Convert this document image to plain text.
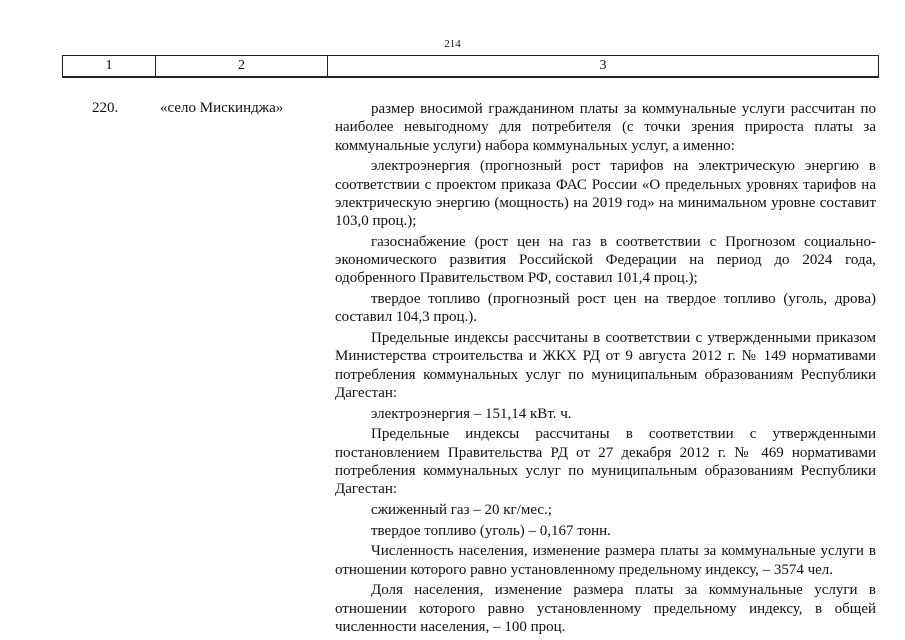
214
1	2	3
220.	«село Мискинджа»	размер вносимой гражданином платы за коммунальные услуги рассчитан по наиболее невыгодному для потребителя (с точки зрения прироста платы за коммунальные услуги) набора коммунальных услуг, а именно:

электроэнергия (прогнозный рост тарифов на электрическую энергию в соответствии с проектом приказа ФАС России «О предельных уровнях тарифов на электрическую энергию (мощность) на 2019 год» на минимальном уровне составит 103,0 проц.);

газоснабжение (рост цен на газ в соответствии с Прогнозом социально-экономического развития Российской Федерации на период до 2024 года, одобренного Правительством РФ, составил 101,4 проц.);

твердое топливо (прогнозный рост цен на твердое топливо (уголь, дрова) составил 104,3 проц.).

Предельные индексы рассчитаны в соответствии с утвержденными приказом Министерства строительства и ЖКХ РД от 9 августа 2012 г. № 149 нормативами потребления коммунальных услуг по муниципальным образованиям Республики Дагестан:

электроэнергия – 151,14 кВт. ч.

Предельные индексы рассчитаны в соответствии с утвержденными постановлением Правительства РД от 27 декабря 2012 г. № 469 нормативами потребления коммунальных услуг по муниципальным образованиям Республики Дагестан:

сжиженный газ – 20 кг/мес.;

твердое топливо (уголь) – 0,167 тонн.

Численность населения, изменение размера платы за коммунальные услуги в отношении которого равно установленному предельному индексу, – 3574 чел.

Доля населения, изменение размера платы за коммунальные услуги в отношении которого равно установленному предельному индексу, в общей численности населения, – 100 проц.
